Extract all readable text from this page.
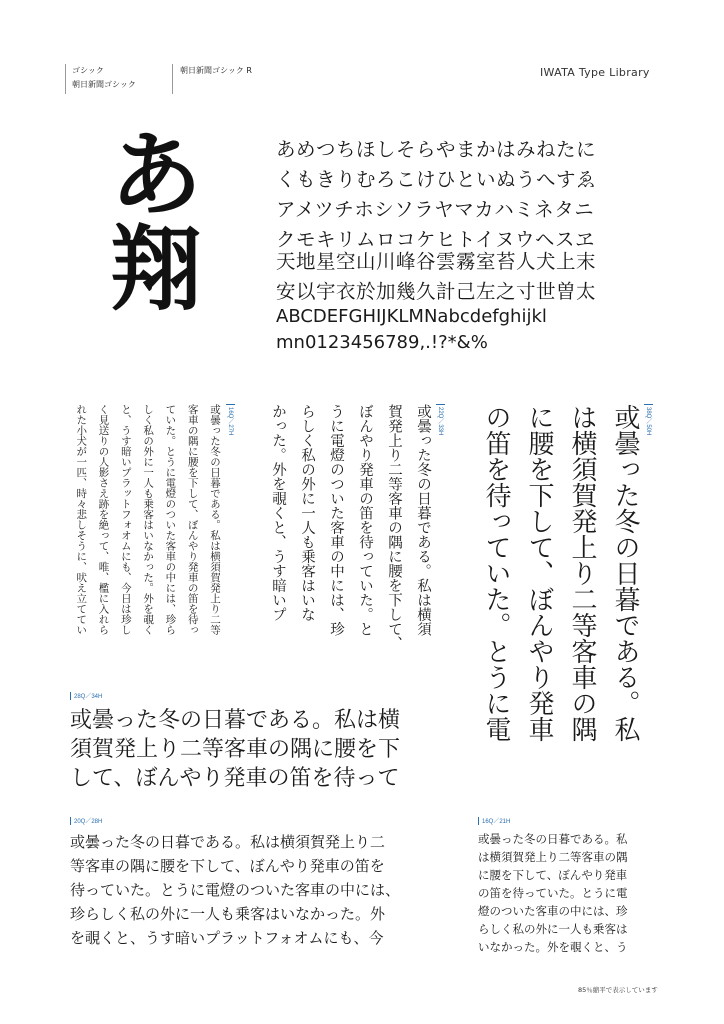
ゴシック
朝日新聞ゴシック
朝日新聞ゴシック R	IWATA Type Library
あ
翔
あめつちほしそらやまかはみねたに
くもきりむろこけひといぬうへすゑ
アメツチホシソラヤマカハミネタニ
クモキリムロコケヒトイヌウヘスヱ
天地星空山川峰谷雲霧室苔人犬上末
安以宇衣於加幾久計己左之寸世曽太
ABCDEFGHIJKLMNabcdefghijkl
mn0123456789,.!?*&%
16Q／27H
或曇った冬の日暮である。私は横須賀発上り二等
客車の隅に腰を下して、ぼんやり発車の笛を待っ
ていた。とうに電燈のついた客車の中には、珍ら
しく私の外に一人も乗客はいなかった。外を覗く
と、うす暗いプラットフォオムにも、今日は珍し
く見送りの人影さえ跡を絶って、唯、檻に入れら
れた小犬が一匹、時々悲しそうに、吠え立ててい	22Q／33H
或曇った冬の日暮である。私は横須
賀発上り二等客車の隅に腰を下して、
ぼんやり発車の笛を待っていた。と
うに電燈のついた客車の中には、珍
らしく私の外に一人も乗客はいな
かった。外を覗くと、うす暗いプ	38Q／50H
或曇った冬の日暮である。私
は横須賀発上り二等客車の隅
に腰を下して、ぼんやり発車
の笛を待っていた。とうに電
28Q／34H
或曇った冬の日暮である。私は横
須賀発上り二等客車の隅に腰を下
して、ぼんやり発車の笛を待って
20Q／28H
或曇った冬の日暮である。私は横須賀発上り二
等客車の隅に腰を下して、ぼんやり発車の笛を
待っていた。とうに電燈のついた客車の中には、
珍らしく私の外に一人も乗客はいなかった。外
を覗くと、うす暗いプラットフォオムにも、今
16Q／21H
或曇った冬の日暮である。私
は横須賀発上り二等客車の隅
に腰を下して、ぼんやり発車
の笛を待っていた。とうに電
燈のついた客車の中には、珍
らしく私の外に一人も乗客は
いなかった。外を覗くと、う
85％縮平で表示しています
